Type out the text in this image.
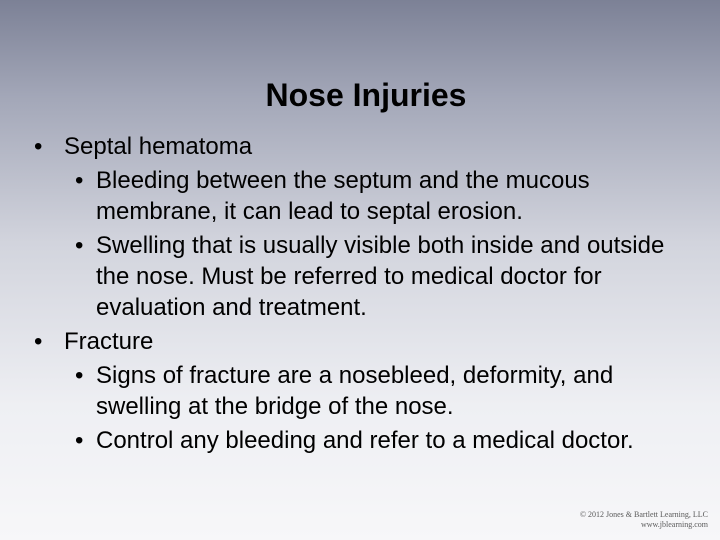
Nose Injuries
• Septal hematoma
• Bleeding between the septum and the mucous membrane, it can lead to septal erosion.
• Swelling that is usually visible both inside and outside the nose. Must be referred to medical doctor for evaluation and treatment.
• Fracture
• Signs of fracture are a nosebleed, deformity, and swelling at the bridge of the nose.
• Control any bleeding and refer to a medical doctor.
© 2012 Jones & Bartlett Learning, LLC
www.jblearning.com
